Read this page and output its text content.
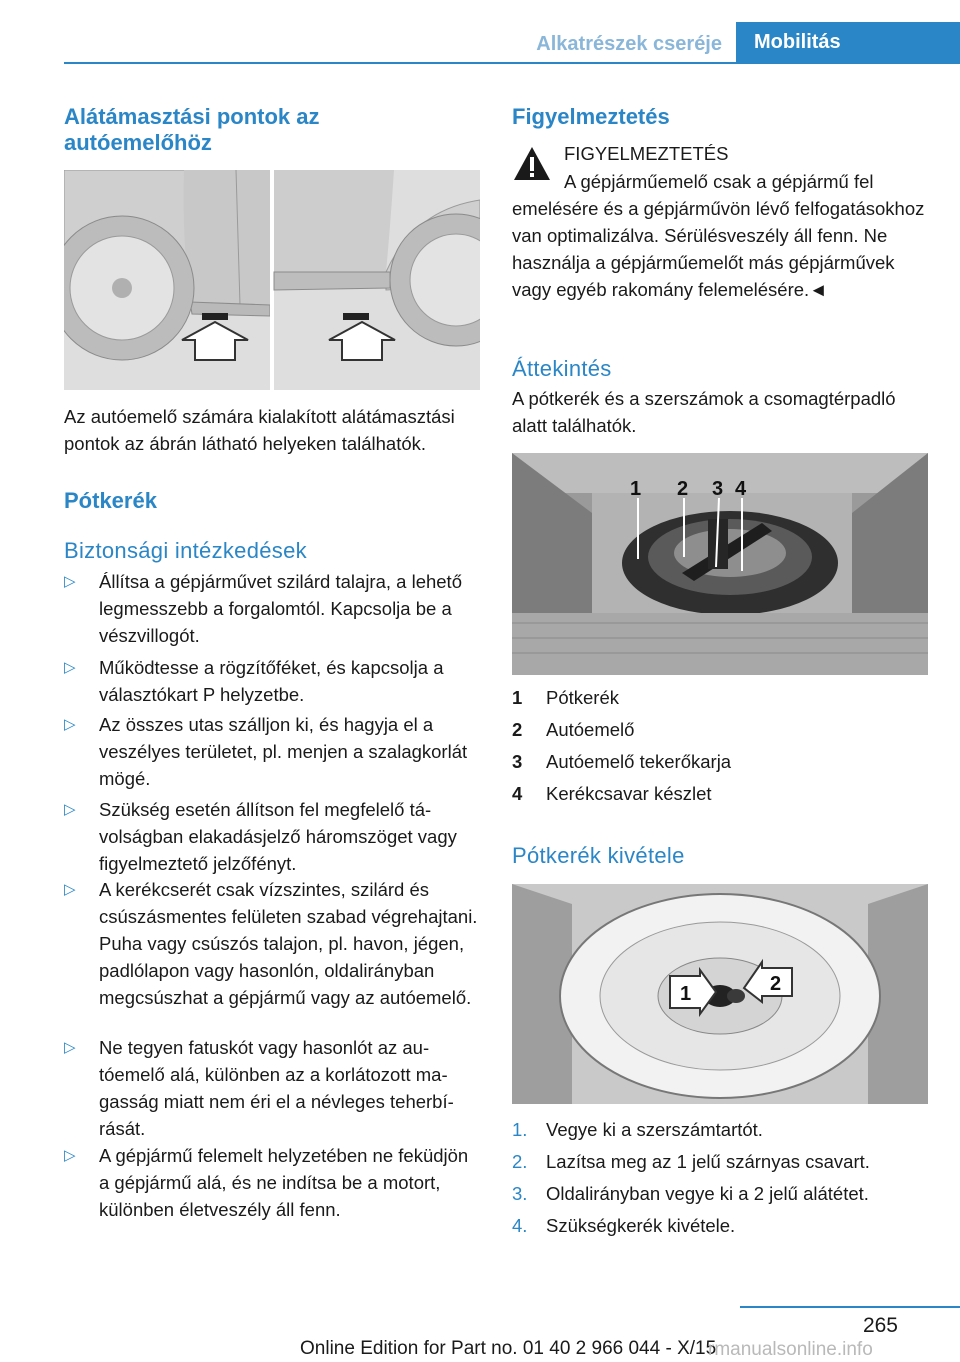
Alkatrészek cseréje	Mobilitás
Alátámasztási pontok az autóemelőhöz
Az autóemelő számára kialakított alátámasztási pontok az ábrán látható helyeken találhatók.
Pótkerék
Biztonsági intézkedések
▷ Állítsa a gépjárművet szilárd talajra, a lehető legmesszebb a forgalomtól. Kapcsolja be a vészvillogót.
▷ Működtesse a rögzítőféket, és kapcsolja a választókart P helyzetbe.
▷ Az összes utas szálljon ki, és hagyja el a veszélyes területet, pl. menjen a szalagkorlát mögé.
▷ Szükség esetén állítson fel megfelelő távolságban elakadásjelző háromszöget vagy figyelmeztető jelzőfényt.
▷ A kerékcserét csak vízszintes, szilárd és csúszásmentes felületen szabad végrehajtani. Puha vagy csúszós talajon, pl. havon, jégen, padlólapon vagy hasonlón, oldalirányban megcsúszhat a gépjármű vagy az autóemelő.
▷ Ne tegyen fatuskót vagy hasonlót az autóemelő alá, különben az a korlátozott magasság miatt nem éri el a névleges teherbírását.
▷ A gépjármű felemelt helyzetében ne feküdjön a gépjármű alá, és ne indítsa be a motort, különben életveszély áll fenn.
Figyelmeztetés
FIGYELMEZTETÉS
A gépjárműemelő csak a gépjármű fel
emelésére és a gépjárművön lévő felfogatásokhoz van optimalizálva. Sérülésveszély áll fenn. Ne használja a gépjárműemelőt más gépjárművek vagy egyéb rakomány felemelésére.◄
Áttekintés
A pótkerék és a szerszámok a csomagtérpadló alatt találhatók.
1 2 3 4
1 Pótkerék
2 Autóemelő
3 Autóemelő tekerőkarja
4 Kerékcsavar készlet
Pótkerék kivétele
1	2
1. Vegye ki a szerszámtartót.
2. Lazítsa meg az 1 jelű szárnyas csavart.
3. Oldalirányban vegye ki a 2 jelű alátétet.
4. Szükségkerék kivétele.
265
Online Edition for Part no. 01 40 2 966 044 - X/15
rmanualsonline.info
